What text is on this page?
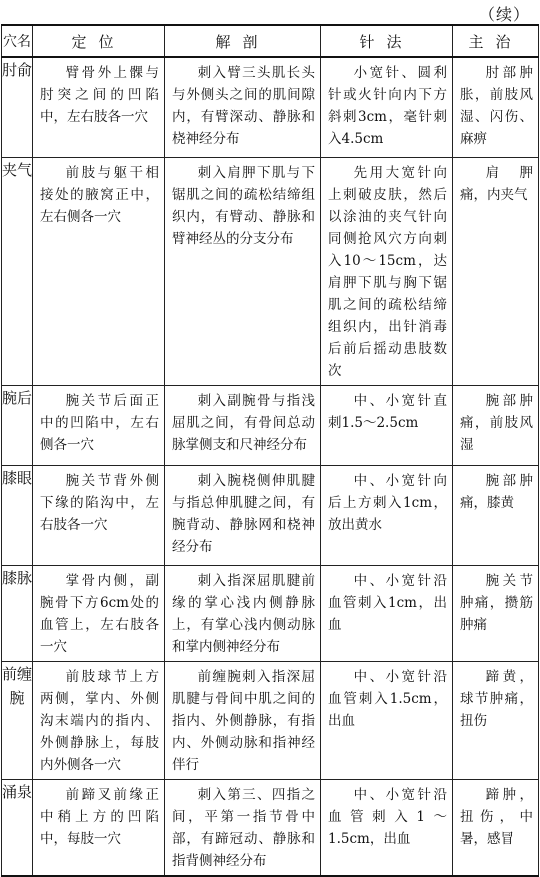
（续）
穴名	定位	解剖	针法	主治
肘俞	臂骨外上髁与肘突之间的凹陷中，左右肢各一穴	刺入臂三头肌长头与外侧头之间的肌间隙内，有臂深动、静脉和桡神经分布	小宽针、圆利针或火针向内下方斜刺3cm，毫针刺入4.5cm	肘部肿胀，前肢风湿、闪伤、麻痹
夹气	前肢与躯干相接处的腋窝正中，左右侧各一穴	刺入肩胛下肌与下锯肌之间的疏松结缔组织内，有臂动、静脉和臂神经丛的分支分布	先用大宽针向上刺破皮肤，然后以涂油的夹气针向同侧抢风穴方向刺入10～15cm，达肩胛下肌与胸下锯肌之间的疏松结缔组织内，出针消毒后前后摇动患肢数次	肩胛痛，内夹气
腕后	腕关节后面正中的凹陷中，左右侧各一穴	刺入副腕骨与指浅屈肌之间，有骨间总动脉掌侧支和尺神经分布	中、小宽针直刺1.5～2.5cm	腕部肿痛，前肢风湿
膝眼	腕关节背外侧下缘的陷沟中，左右肢各一穴	刺入腕桡侧伸肌腱与指总伸肌腱之间，有腕背动、静脉网和桡神经分布	中、小宽针向后上方刺入1cm，放出黄水	腕部肿痛，膝黄
膝脉	掌骨内侧，副腕骨下方6cm处的血管上，左右肢各一穴	刺入指深屈肌腱前缘的掌心浅内侧静脉上，有掌心浅内侧动脉和掌内侧神经分布	中、小宽针沿血管刺入1cm，出血	腕关节肿痛，攒筋肿痛
前缠腕	前肢球节上方两侧，掌内、外侧沟末端内的指内、外侧静脉上，每肢内外侧各一穴	前缠腕刺入指深屈肌腱与骨间中肌之间的指内、外侧静脉，有指内、外侧动脉和指神经伴行	中、小宽针沿血管刺入1.5cm，出血	蹄黄，球节肿痛，扭伤
涌泉	前蹄叉前缘正中稍上方的凹陷中，每肢一穴	刺入第三、四指之间，平第一指节骨中部，有蹄冠动、静脉和指背侧神经分布	中、小宽针沿血管刺入1～1.5cm，出血	蹄肿，扭伤，中暑，感冒
